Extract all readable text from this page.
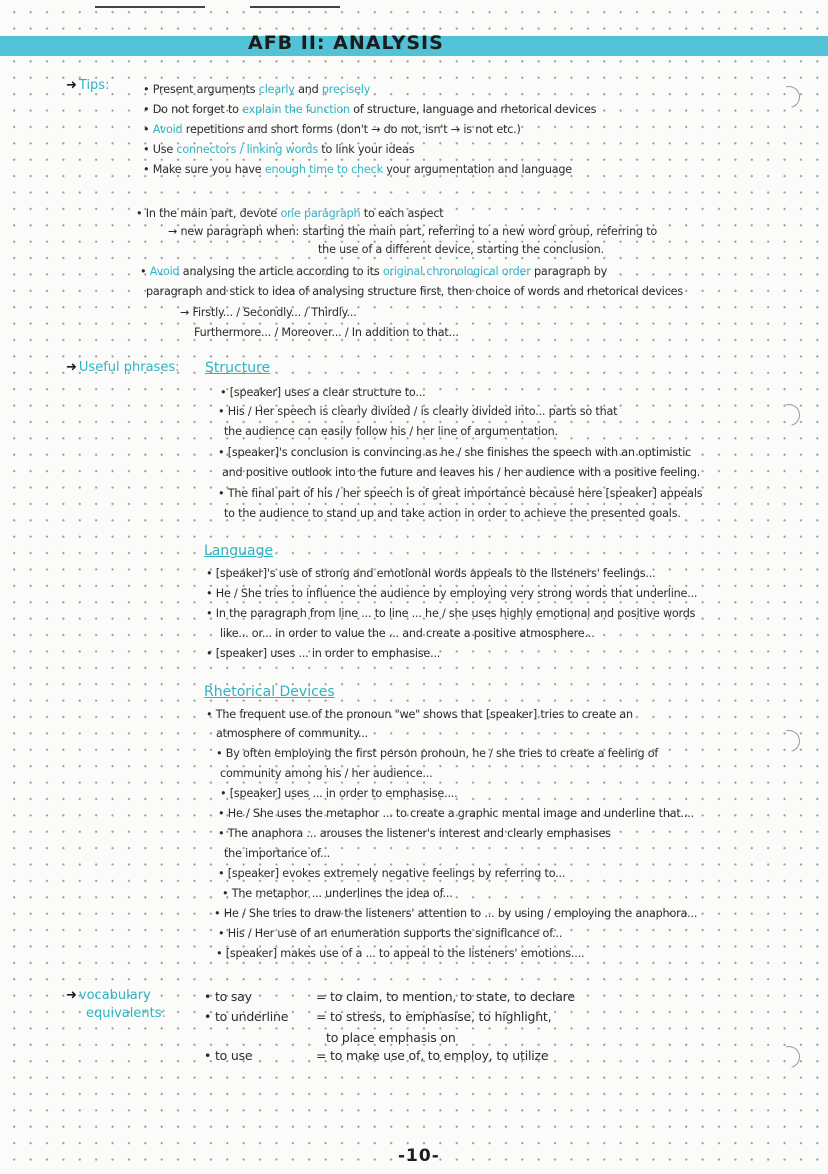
AFB II: ANALYSIS
➜ Tips:	• Present arguments clearly and precisely
• Do not forget to explain the function of structure, language and rhetorical devices
• Avoid repetitions and short forms (don't → do not, isn't → is not etc.)
• Use connectors / linking words to link your ideas
• Make sure you have enough time to check your argumentation and language
• In the main part, devote one paragraph to each aspect
→ new paragraph when: starting the main part, referring to a new word group, referring to
the use of a different device, starting the conclusion.
• Avoid analysing the article according to its original chronological order paragraph by
paragraph and stick to idea of analysing structure first, then choice of words and rhetorical devices
→ Firstly... / Secondly... / Thirdly...
Furthermore... / Moreover... / In addition to that...
➜ Useful phrases: Structure
• [speaker] uses a clear structure to...
• His / Her speech is clearly divided / is clearly divided into... parts so that
the audience can easily follow his / her line of argumentation.
• [speaker]'s conclusion is convincing as he / she finishes the speech with an optimistic
and positive outlook into the future and leaves his / her audience with a positive feeling.
• The final part of his / her speech is of great importance because here [speaker] appeals
to the audience to stand up and take action in order to achieve the presented goals.
Language
• [speaker]'s use of strong and emotional words appeals to the listeners' feelings...
• He / She tries to influence the audience by employing very strong words that underline...
• In the paragraph from line ... to line ... he / she uses highly emotional and positive words
like... or... in order to value the ... and create a positive atmosphere...
• [speaker] uses ... in order to emphasise...
Rhetorical Devices
• The frequent use of the pronoun "we" shows that [speaker] tries to create an
atmosphere of community...
• By often employing the first person pronoun, he / she tries to create a feeling of
community among his / her audience...
• [speaker] uses ... in order to emphasise....
• He / She uses the metaphor ... to create a graphic mental image and underline that....
• The anaphora ... arouses the listener's interest and clearly emphasises
the importance of...
• [speaker] evokes extremely negative feelings by referring to...
• The metaphor ... underlines the idea of...
• He / She tries to draw the listeners' attention to ... by using / employing the anaphora...
• His / Her use of an enumeration supports the significance of...
• [speaker] makes use of a ... to appeal to the listeners' emotions....
➜ vocabulary
equivalents:
• to say	= to claim, to mention, to state, to declare
• to underline = to stress, to emphasise, to highlight,
to place emphasis on
• to use	= to make use of, to employ, to utilize
-10-
